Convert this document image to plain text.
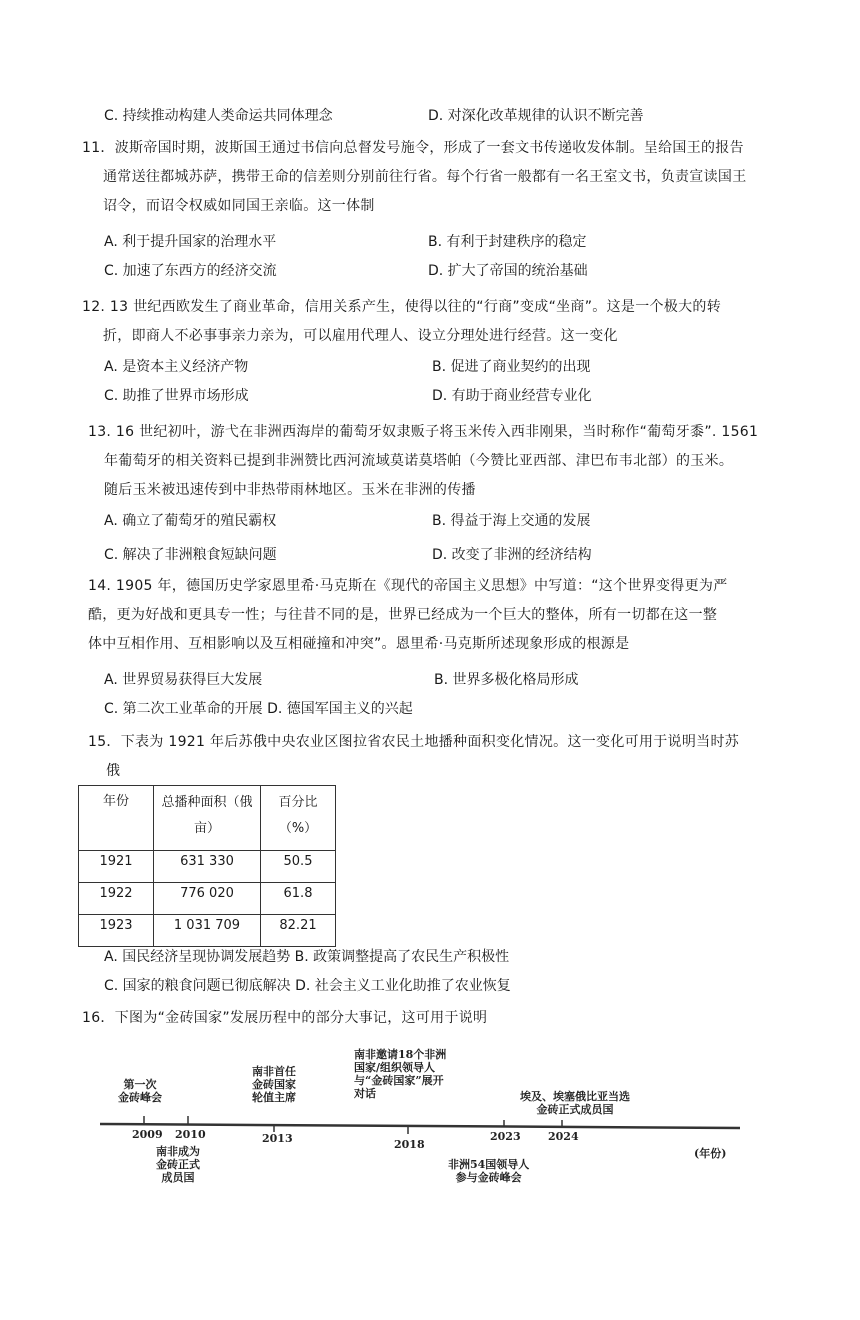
C. 持续推动构建人类命运共同体理念	D. 对深化改革规律的认识不断完善
11．波斯帝国时期，波斯国王通过书信向总督发号施令，形成了一套文书传递收发体制。呈给国王的报告
通常送往都城苏萨，携带王命的信差则分别前往行省。每个行省一般都有一名王室文书，负责宣读国王
诏令，而诏令权威如同国王亲临。这一体制
A. 利于提升国家的治理水平	B. 有利于封建秩序的稳定
C. 加速了东西方的经济交流	D. 扩大了帝国的统治基础
12. 13 世纪西欧发生了商业革命，信用关系产生，使得以往的“行商”变成“坐商”。这是一个极大的转
折，即商人不必事事亲力亲为，可以雇用代理人、设立分理处进行经营。这一变化
A. 是资本主义经济产物	B. 促进了商业契约的出现
C. 助推了世界市场形成	D. 有助于商业经营专业化
13. 16 世纪初叶，游弋在非洲西海岸的葡萄牙奴隶贩子将玉米传入西非刚果，当时称作“葡萄牙黍”. 1561
年葡萄牙的相关资料已提到非洲赞比西河流域莫诺莫塔帕（今赞比亚西部、津巴布韦北部）的玉米。
随后玉米被迅速传到中非热带雨林地区。玉米在非洲的传播
A. 确立了葡萄牙的殖民霸权	B. 得益于海上交通的发展
C. 解决了非洲粮食短缺问题	D. 改变了非洲的经济结构
14. 1905 年，德国历史学家恩里希·马克斯在《现代的帝国主义思想》中写道：“这个世界变得更为严
酷，更为好战和更具专一性；与往昔不同的是，世界已经成为一个巨大的整体，所有一切都在这一整
体中互相作用、互相影响以及互相碰撞和冲突”。恩里希·马克斯所述现象形成的根源是
A. 世界贸易获得巨大发展	B. 世界多极化格局形成
C. 第二次工业革命的开展 D. 德国军国主义的兴起
15．下表为 1921 年后苏俄中央农业区图拉省农民土地播种面积变化情况。这一变化可用于说明当时苏
俄
年份	总播种面积（俄
亩）	百分比
（%）
1921	631 330	50.5
1922	776 020	61.8
1923	1 031 709	82.21
A. 国民经济呈现协调发展趋势 B. 政策调整提高了农民生产积极性
C. 国家的粮食问题已彻底解决 D. 社会主义工业化助推了农业恢复
16．下图为“金砖国家”发展历程中的部分大事记，这可用于说明
2009 2010	2013	2018
2023 2024
(年份)
第一次
金砖峰会
南非首任
金砖国家
轮值主席
南非邀请18个非洲
国家/组织领导人
与“金砖国家”展开
对话	埃及、埃塞俄比亚当选
金砖正式成员国
南非成为
金砖正式
成员国
非洲54国领导人
参与金砖峰会
